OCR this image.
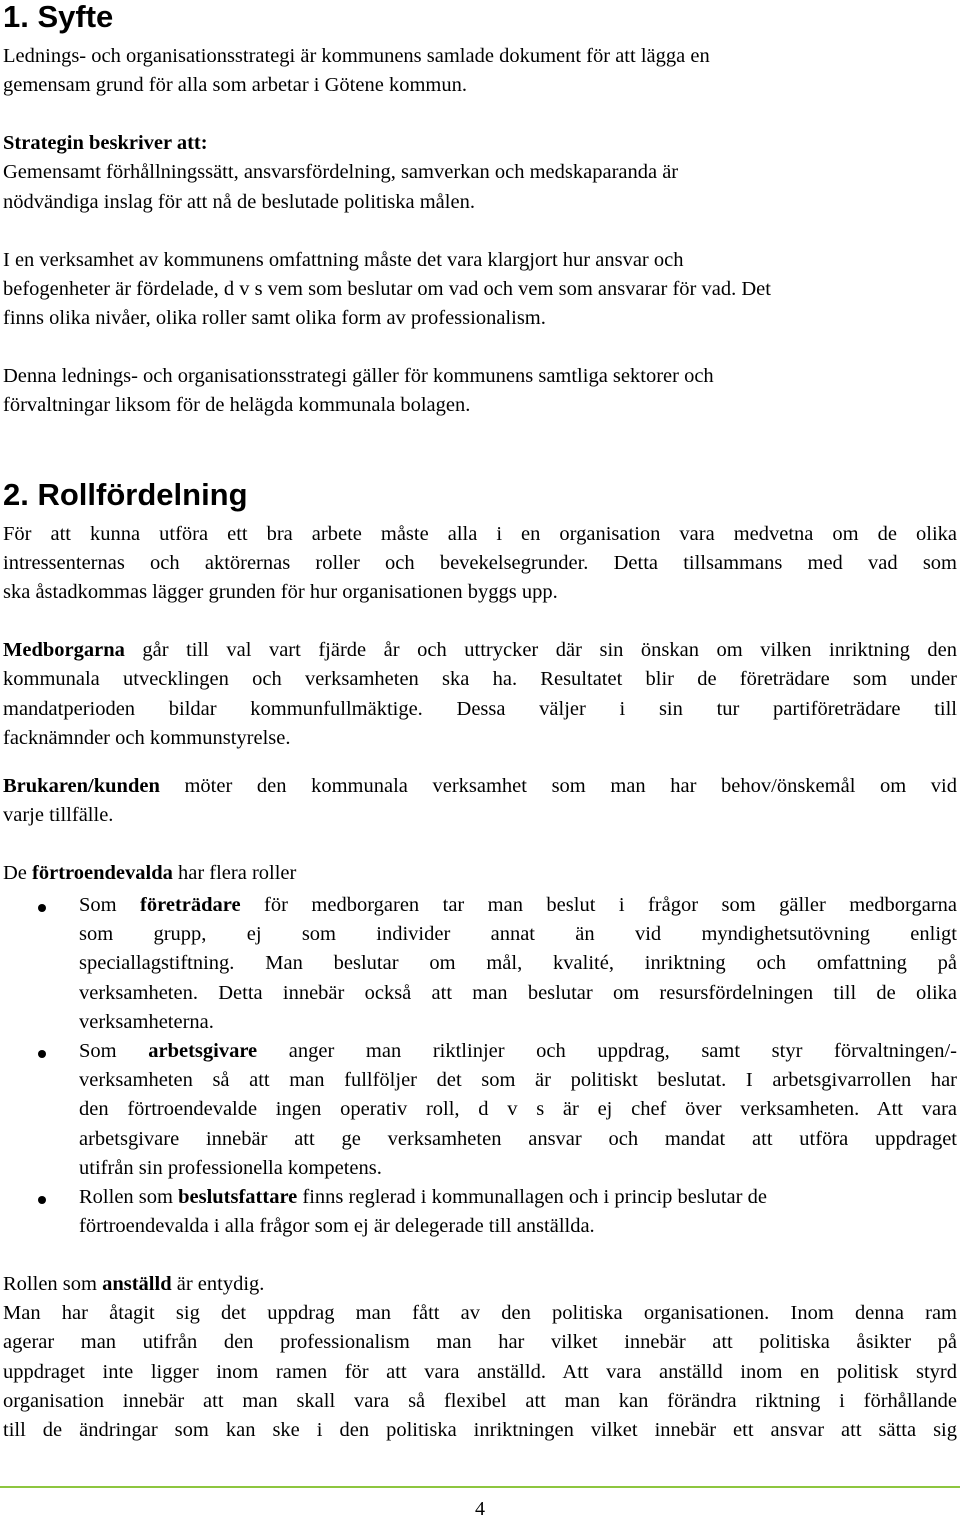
1. Syfte

Lednings- och organisationsstrategi är kommunens samlade dokument för att lägga en

gemensam grund för alla som arbetar i Götene kommun.

Strategin beskriver att:

Gemensamt förhållningssätt, ansvarsfördelning, samverkan och medskaparanda är

nödvändiga inslag för att nå de beslutade politiska målen.

I en verksamhet av kommunens omfattning måste det vara klargjort hur ansvar och

befogenheter är fördelade, d v s vem som beslutar om vad och vem som ansvarar för vad. Det

finns olika nivåer, olika roller samt olika form av professionalism.

Denna lednings- och organisationsstrategi gäller för kommunens samtliga sektorer och

förvaltningar liksom för de helägda kommunala bolagen.

2. Rollfördelning

För att kunna utföra ett bra arbete måste alla i en organisation vara medvetna om de olika

intressenternas och aktörernas roller och bevekelsegrunder. Detta tillsammans med vad som

ska åstadkommas lägger grunden för hur organisationen byggs upp.

Medborgarna går till val vart fjärde år och uttrycker där sin önskan om vilken inriktning den

kommunala utvecklingen och verksamheten ska ha. Resultatet blir de företrädare som under

mandatperioden bildar kommunfullmäktige. Dessa väljer i sin tur partiföreträdare till

facknämnder och kommunstyrelse.

Brukaren/kunden möter den kommunala verksamhet som man har behov/önskemål om vid

varje tillfälle.

De förtroendevalda har flera roller

Som företrädare för medborgaren tar man beslut i frågor som gäller medborgarna

som grupp, ej som individer annat än vid myndighetsutövning enligt

speciallagstiftning. Man beslutar om mål, kvalité, inriktning och omfattning på

verksamheten. Detta innebär också att man beslutar om resursfördelningen till de olika

verksamheterna.

Som arbetsgivare anger man riktlinjer och uppdrag, samt styr förvaltningen/-

verksamheten så att man fullföljer det som är politiskt beslutat. I arbetsgivarrollen har

den förtroendevalde ingen operativ roll, d v s är ej chef över verksamheten. Att vara

arbetsgivare innebär att ge verksamheten ansvar och mandat att utföra uppdraget

utifrån sin professionella kompetens.

Rollen som beslutsfattare finns reglerad i kommunallagen och i princip beslutar de

förtroendevalda i alla frågor som ej är delegerade till anställda.

Rollen som anställd är entydig.

Man har åtagit sig det uppdrag man fått av den politiska organisationen. Inom denna ram

agerar man utifrån den professionalism man har vilket innebär att politiska åsikter på

uppdraget inte ligger inom ramen för att vara anställd. Att vara anställd inom en politisk styrd

organisation innebär att man skall vara så flexibel att man kan förändra riktning i förhållande

till de ändringar som kan ske i den politiska inriktningen vilket innebär ett ansvar att sätta sig

4
